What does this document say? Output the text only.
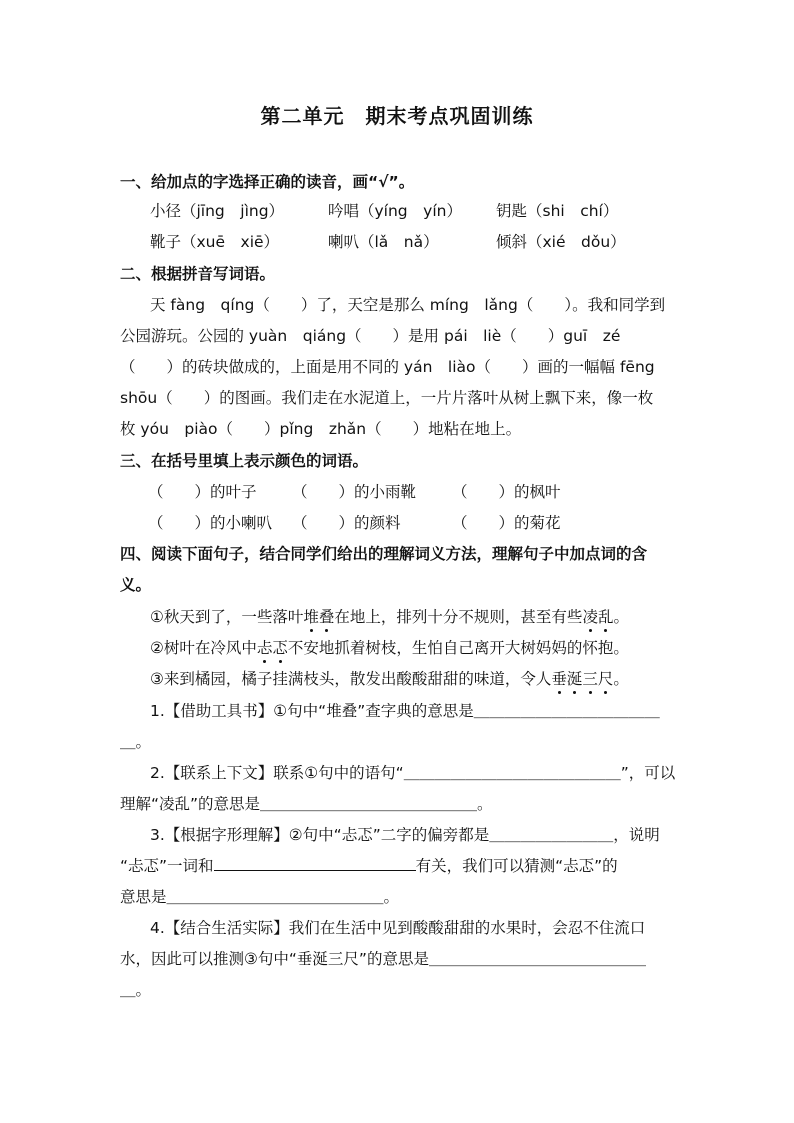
第二单元　期末考点巩固训练
一、给加点的字选择正确的读音，画“√”。
小径（jīng　jìng）	吟唱（yíng　yín） 钥匙（shi　chí）
靴子（xuē　xiē）	喇叭（lǎ　nǎ）	倾斜（xié　dǒu）
二、根据拼音写词语。
天 fàng　qíng（　　）了，天空是那么 míng　lǎng（　　）。我和同学到
公园游玩。公园的 yuàn　qiáng（　　）是用 pái　liè（　　）guī　zé
（　　）的砖块做成的，上面是用不同的 yán　liào（　　）画的一幅幅 fēng
shōu（　　）的图画。我们走在水泥道上，一片片落叶从树上飘下来，像一枚
枚 yóu　piào（　　）pǐng　zhǎn（　　）地粘在地上。
三、在括号里填上表示颜色的词语。
（　　）的叶子 （　　）的小雨靴 （　　）的枫叶
（　　）的小喇叭 （　　）的颜料	（　　）的菊花
四、阅读下面句子，结合同学们给出的理解词义方法，理解句子中加点词的含
义。
①秋天到了，一些落叶堆叠
在地上，排列十分不规则，甚至有些凌乱
。
②树叶在冷风中忐忑
不安地抓着树枝，生怕自己离开大树妈妈的怀抱。
③来到橘园，橘子挂满枝头，散发出酸酸甜甜的味道，令人垂涎三尺
。
1.【借助工具书】①句中“堆叠”查字典的意思是＿＿＿＿＿＿＿＿＿＿＿＿
＿。
2.【联系上下文】联系①句中的语句“＿＿＿＿＿＿＿＿＿＿＿＿＿＿”，可以
理解“凌乱”的意思是＿＿＿＿＿＿＿＿＿＿＿＿＿＿。
3.【根据字形理解】②句中“忐忑”二字的偏旁都是＿＿＿＿＿＿＿＿，说明
“忐忑”一词和	有关，我们可以猜测“忐忑”的
意思是＿＿＿＿＿＿＿＿＿＿＿＿＿＿。
4.【结合生活实际】我们在生活中见到酸酸甜甜的水果时，会忍不住流口
水，因此可以推测③句中“垂涎三尺”的意思是＿＿＿＿＿＿＿＿＿＿＿＿＿＿
＿。
